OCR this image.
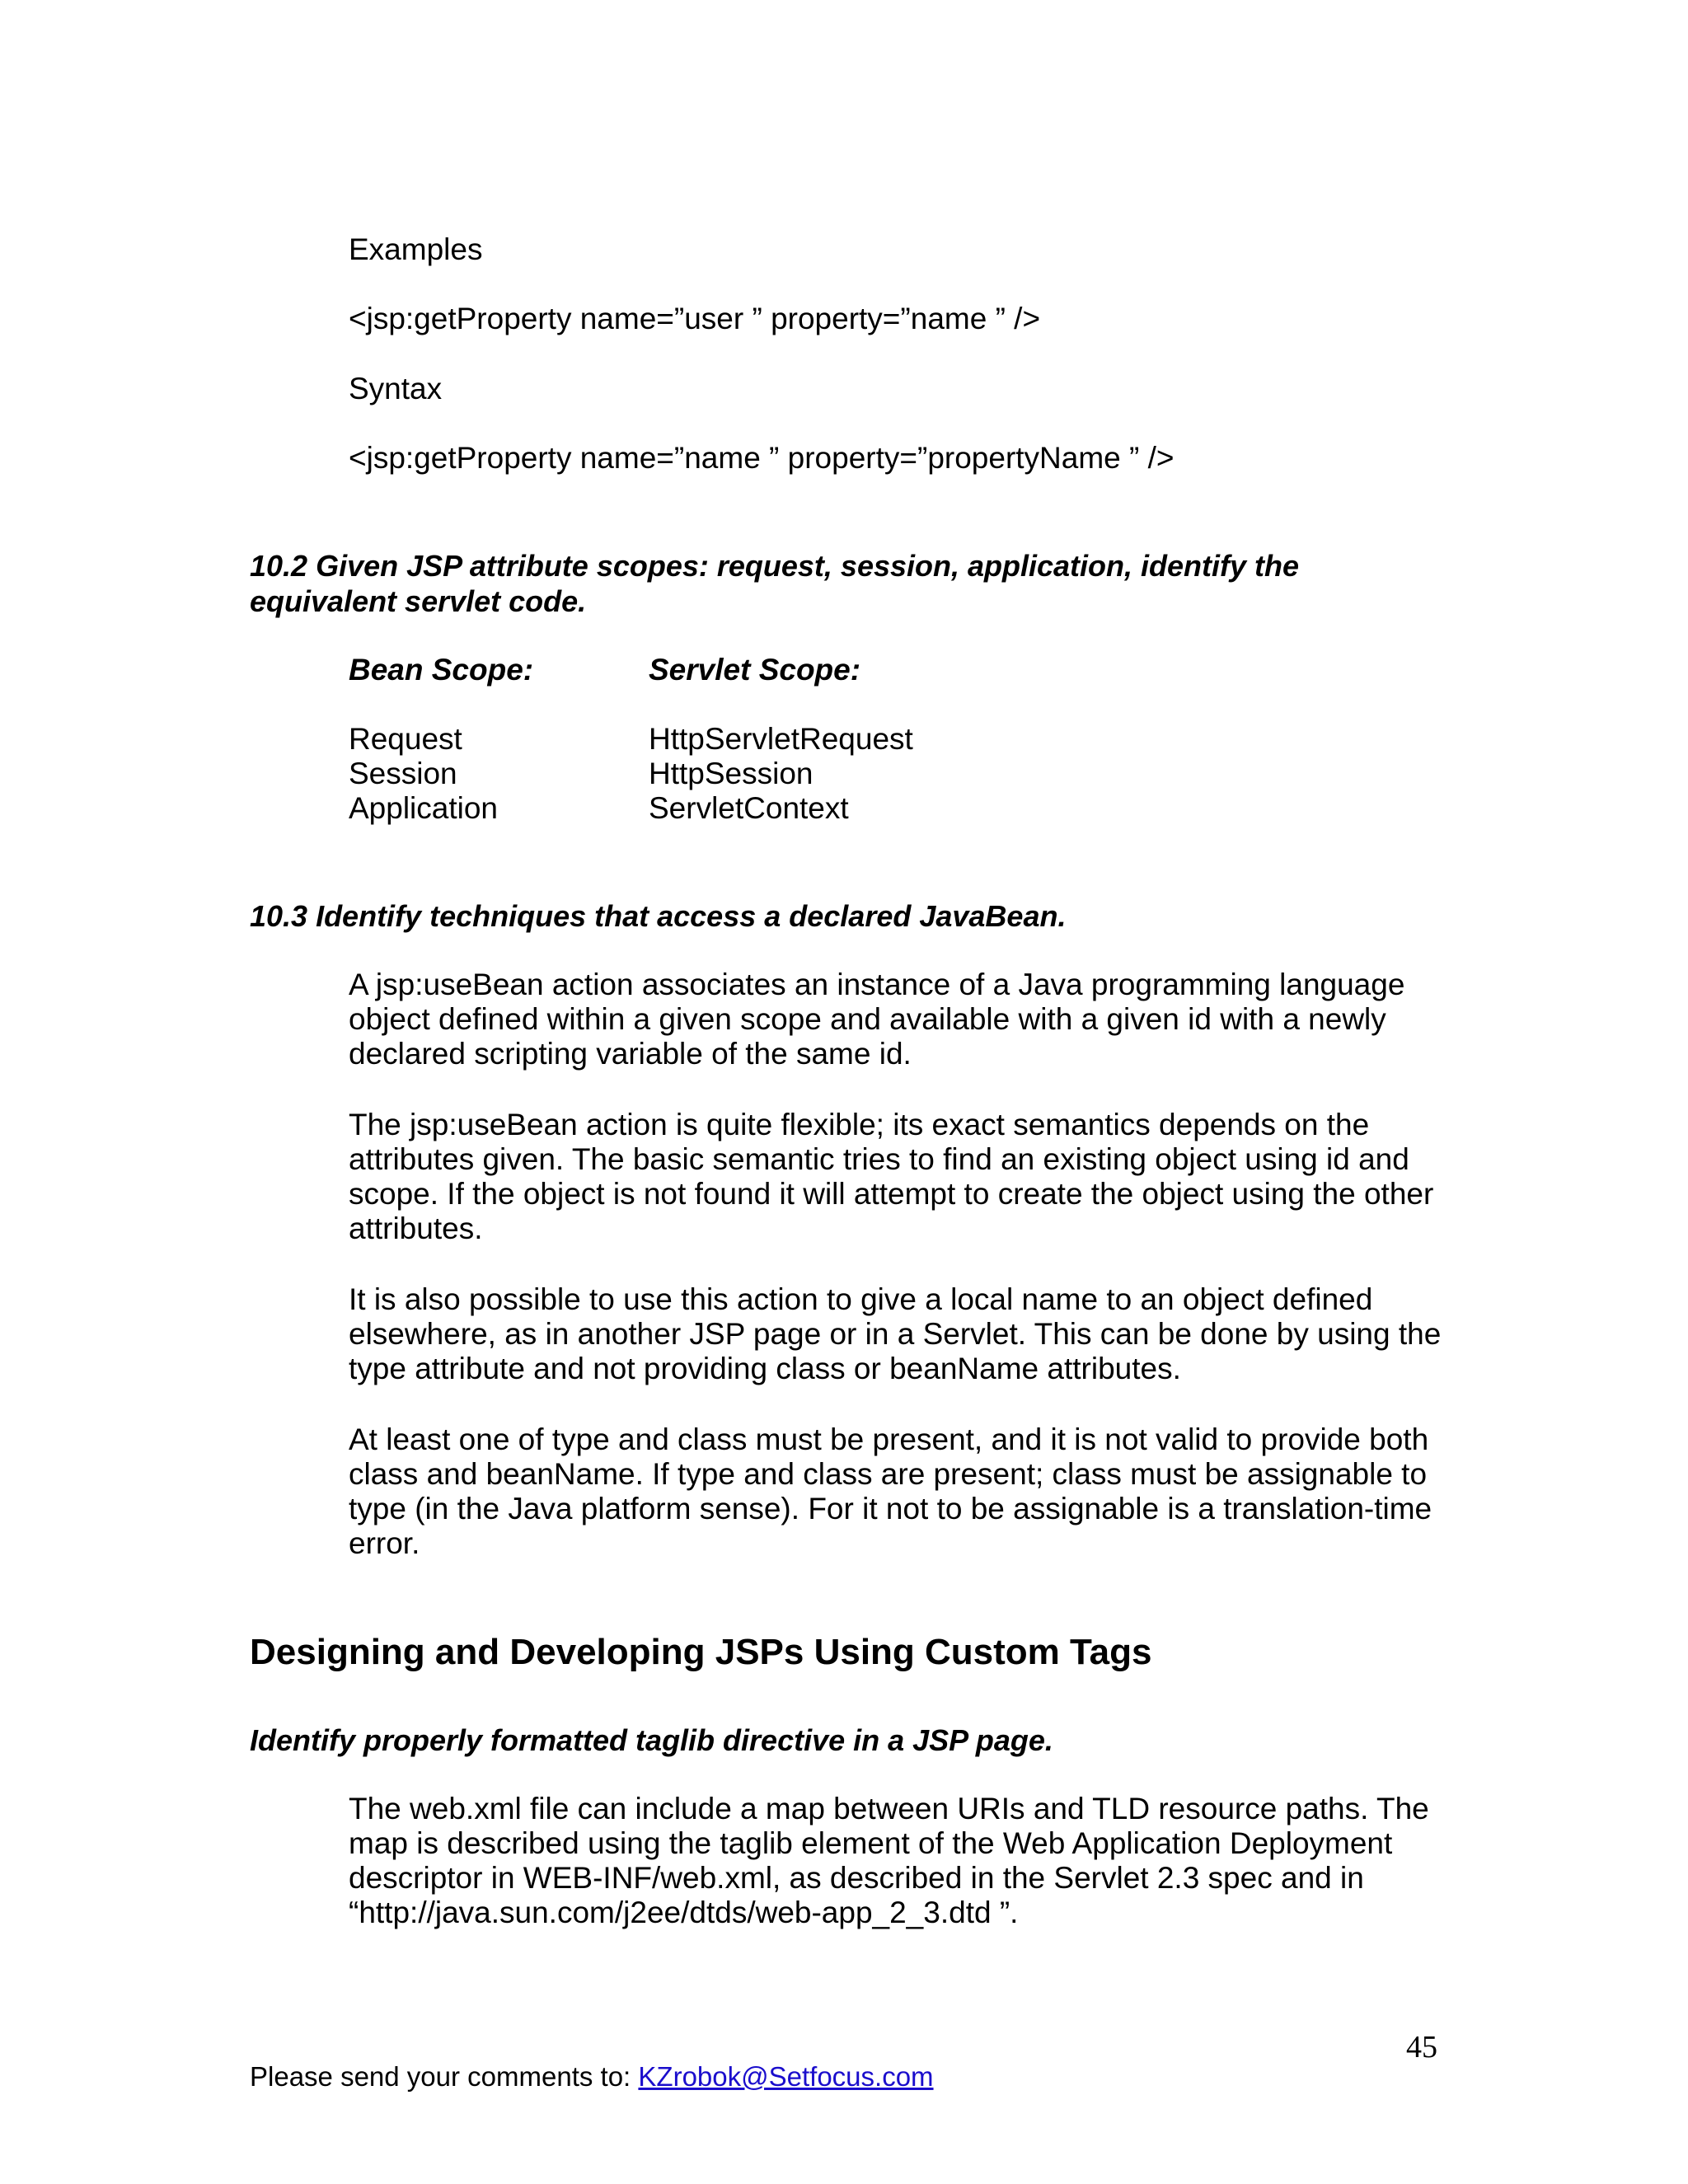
Examples

<jsp:getProperty name=”user ” property=”name ” />

Syntax

<jsp:getProperty name=”name ” property=”propertyName ” />

10.2 Given JSP attribute scopes: request, session, application, identify the
equivalent servlet code.
Bean Scope:
Request
Session
Application
Servlet Scope:
HttpServletRequest
HttpSession
ServletContext

10.3 Identify techniques that access a declared JavaBean.

A jsp:useBean action associates an instance of a Java programming language object defined within a given scope and available with a given id with a newly declared scripting variable of the same id.

The jsp:useBean action is quite flexible; its exact semantics depends on the attributes given. The basic semantic tries to find an existing object using id and scope. If the object is not found it will attempt to create the object using the other attributes.

It is also possible to use this action to give a local name to an object defined elsewhere, as in another JSP page or in a Servlet. This can be done by using the type attribute and not providing class or beanName attributes.

At least one of type and class must be present, and it is not valid to provide both class and beanName. If type and class are present; class must be assignable to type (in the Java platform sense). For it not to be assignable is a translation-time error.

Designing and Developing JSPs Using Custom Tags

Identify properly formatted taglib directive in a JSP page.

The web.xml file can include a map between URIs and TLD resource paths. The map is described using the taglib element of the Web Application Deployment descriptor in WEB-INF/web.xml, as described in the Servlet 2.3 spec and in “http://java.sun.com/j2ee/dtds/web-app_2_3.dtd ”.

45

Please send your comments to: KZrobok@Setfocus.com
